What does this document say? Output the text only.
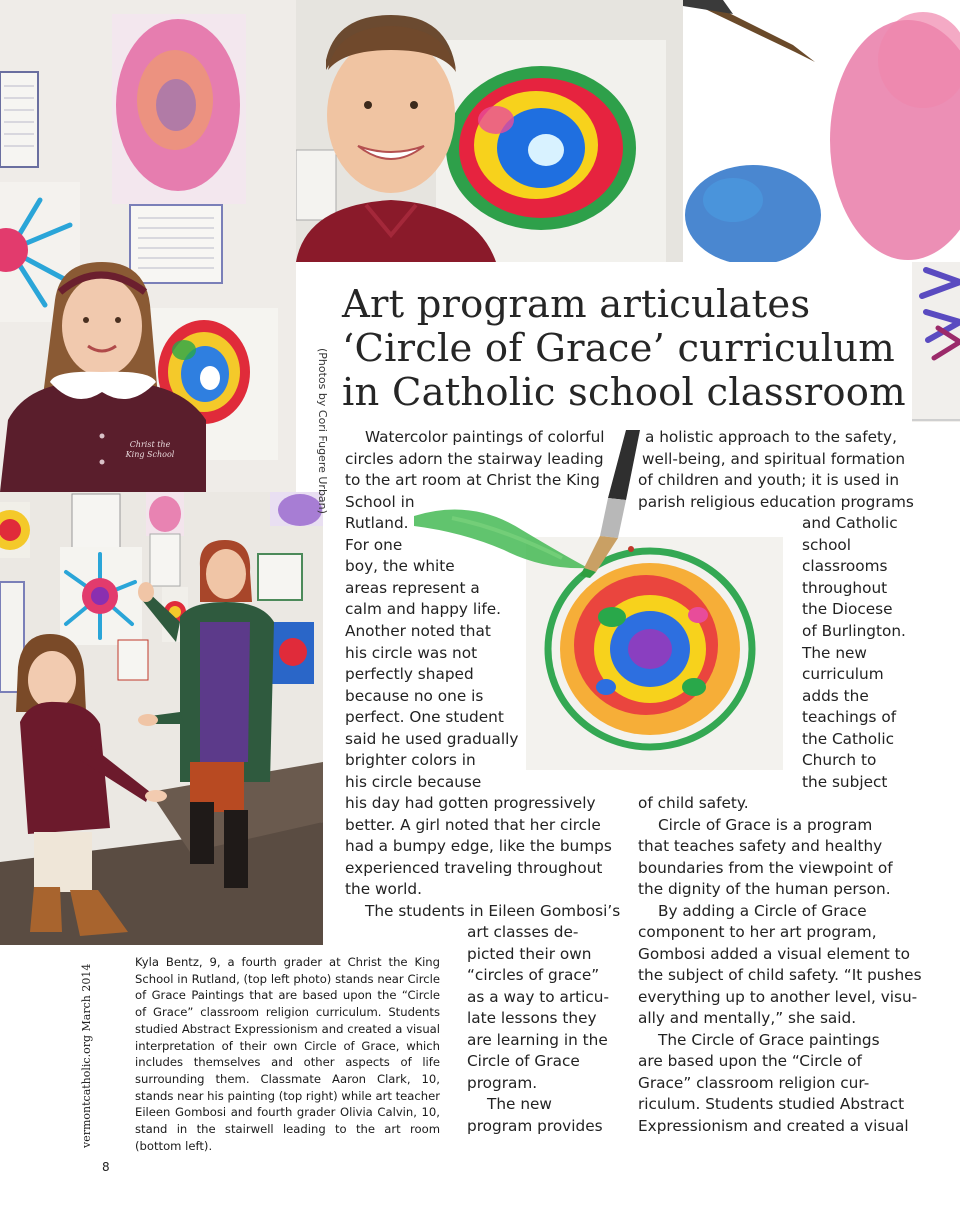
Christ the King School
Art program articulates
‘Circle of Grace’ curriculum
in Catholic school classroom
(Photos by Cori Fugere Urban) Watercolor paintings of colorful
circles adorn the stairway leading
to the art room at Christ the King
School in
Rutland.
For one
boy, the white
areas represent a
calm and happy life.
Another noted that
his circle was not
perfectly shaped
because no one is
perfect. One student
said he used gradually
brighter colors in
his circle because
his day had gotten progressively
better. A girl noted that her circle
had a bumpy edge, like the bumps
experienced traveling throughout
the world.
The students in Eileen Gombosi’s
art classes de-
picted their own
“circles of grace”
as a way to articu-
late lessons they
are learning in the
Circle of Grace
program.
The new
program provides
a holistic approach to the safety,
well-being, and spiritual formation
of children and youth; it is used in
parish religious education programs
and Catholic
school
classrooms
throughout
the Diocese
of Burlington.
The new
curriculum
adds the
teachings of
the Catholic
Church to
the subject
of child safety.
Circle of Grace is a program
that teaches safety and healthy
boundaries from the viewpoint of
the dignity of the human person.
By adding a Circle of Grace
component to her art program,
Gombosi added a visual element to
the subject of child safety. “It pushes
everything up to another level, visu-
ally and mentally,” she said.
The Circle of Grace paintings
are based upon the “Circle of
Grace” classroom religion cur-
riculum. Students studied Abstract
Expressionism and created a visual
Kyla Bentz, 9, a fourth grader at Christ the King School in Rutland, (top left photo) stands near Circle of Grace Paintings that are based upon the “Circle of Grace” classroom religion curriculum. Students studied Abstract Expressionism and created a visual interpretation of their own Circle of Grace, which includes themselves and other aspects of life surrounding them. Classmate Aaron Clark, 10, stands near his painting (top right) while art teacher Eileen Gombosi and fourth grader Olivia Calvin, 10, stand in the stairwell leading to the art room (bottom left).
vermontcatholic.org March 2014
8
